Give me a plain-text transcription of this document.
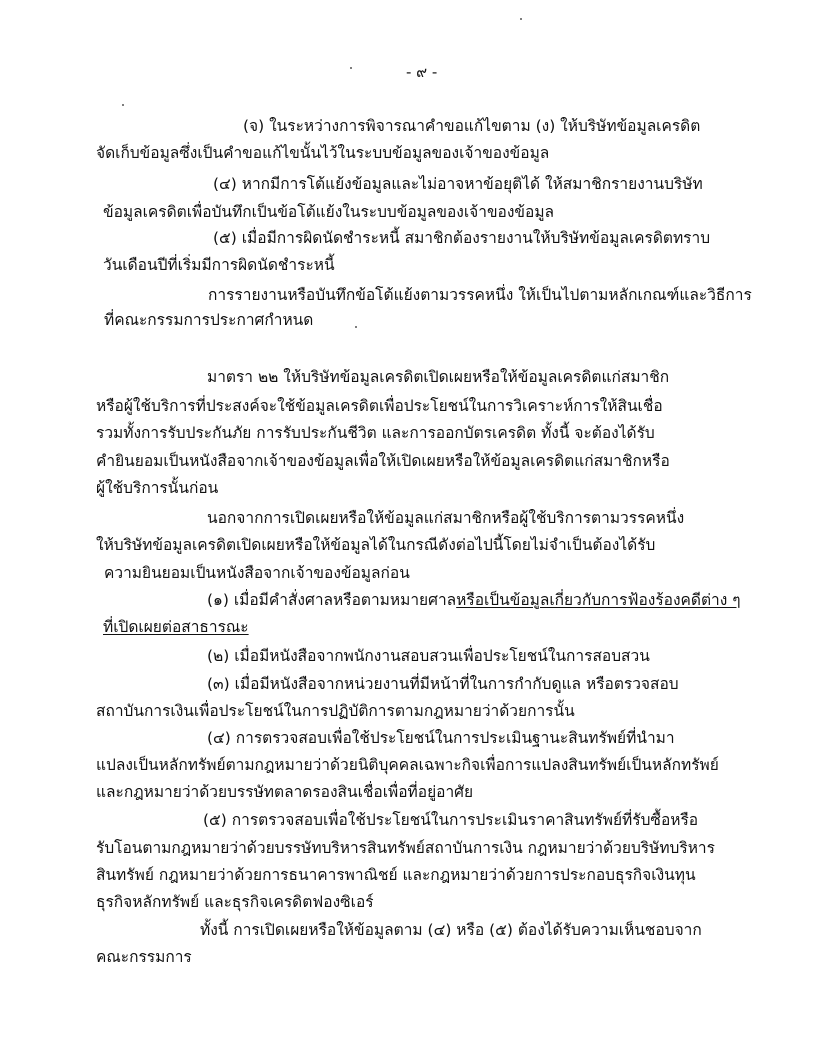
- ๙ -
(จ) ในระหว่างการพิจารณาคำขอแก้ไขตาม (ง) ให้บริษัทข้อมูลเครดิต
จัดเก็บข้อมูลซึ่งเป็นคำขอแก้ไขนั้นไว้ในระบบข้อมูลของเจ้าของข้อมูล
(๔) หากมีการโต้แย้งข้อมูลและไม่อาจหาข้อยุติได้ ให้สมาชิกรายงานบริษัท
ข้อมูลเครดิตเพื่อบันทึกเป็นข้อโต้แย้งในระบบข้อมูลของเจ้าของข้อมูล
(๕) เมื่อมีการผิดนัดชำระหนี้ สมาชิกต้องรายงานให้บริษัทข้อมูลเครดิตทราบ
วันเดือนปีที่เริ่มมีการผิดนัดชำระหนี้
การรายงานหรือบันทึกข้อโต้แย้งตามวรรคหนึ่ง ให้เป็นไปตามหลักเกณฑ์และวิธีการ
ที่คณะกรรมการประกาศกำหนด
มาตรา ๒๒ ให้บริษัทข้อมูลเครดิตเปิดเผยหรือให้ข้อมูลเครดิตแก่สมาชิก
หรือผู้ใช้บริการที่ประสงค์จะใช้ข้อมูลเครดิตเพื่อประโยชน์ในการวิเคราะห์การให้สินเชื่อ
รวมทั้งการรับประกันภัย การรับประกันชีวิต และการออกบัตรเครดิต ทั้งนี้ จะต้องได้รับ
คำยินยอมเป็นหนังสือจากเจ้าของข้อมูลเพื่อให้เปิดเผยหรือให้ข้อมูลเครดิตแก่สมาชิกหรือ
ผู้ใช้บริการนั้นก่อน
นอกจากการเปิดเผยหรือให้ข้อมูลแก่สมาชิกหรือผู้ใช้บริการตามวรรคหนึ่ง
ให้บริษัทข้อมูลเครดิตเปิดเผยหรือให้ข้อมูลได้ในกรณีดังต่อไปนี้โดยไม่จำเป็นต้องได้รับ
ความยินยอมเป็นหนังสือจากเจ้าของข้อมูลก่อน
(๑) เมื่อมีคำสั่งศาลหรือตามหมายศาลหรือเป็นข้อมูลเกี่ยวกับการฟ้องร้องคดีต่าง ๆ
ที่เปิดเผยต่อสาธารณะ
(๒) เมื่อมีหนังสือจากพนักงานสอบสวนเพื่อประโยชน์ในการสอบสวน
(๓) เมื่อมีหนังสือจากหน่วยงานที่มีหน้าที่ในการกำกับดูแล หรือตรวจสอบ
สถาบันการเงินเพื่อประโยชน์ในการปฏิบัติการตามกฎหมายว่าด้วยการนั้น
(๔) การตรวจสอบเพื่อใช้ประโยชน์ในการประเมินฐานะสินทรัพย์ที่นำมา
แปลงเป็นหลักทรัพย์ตามกฎหมายว่าด้วยนิติบุคคลเฉพาะกิจเพื่อการแปลงสินทรัพย์เป็นหลักทรัพย์
และกฎหมายว่าด้วยบรรษัทตลาดรองสินเชื่อเพื่อที่อยู่อาศัย
(๕) การตรวจสอบเพื่อใช้ประโยชน์ในการประเมินราคาสินทรัพย์ที่รับซื้อหรือ
รับโอนตามกฎหมายว่าด้วยบรรษัทบริหารสินทรัพย์สถาบันการเงิน กฎหมายว่าด้วยบริษัทบริหาร
สินทรัพย์ กฎหมายว่าด้วยการธนาคารพาณิชย์ และกฎหมายว่าด้วยการประกอบธุรกิจเงินทุน
ธุรกิจหลักทรัพย์ และธุรกิจเครดิตฟองซิเอร์
ทั้งนี้ การเปิดเผยหรือให้ข้อมูลตาม (๔) หรือ (๕) ต้องได้รับความเห็นชอบจาก
คณะกรรมการ
